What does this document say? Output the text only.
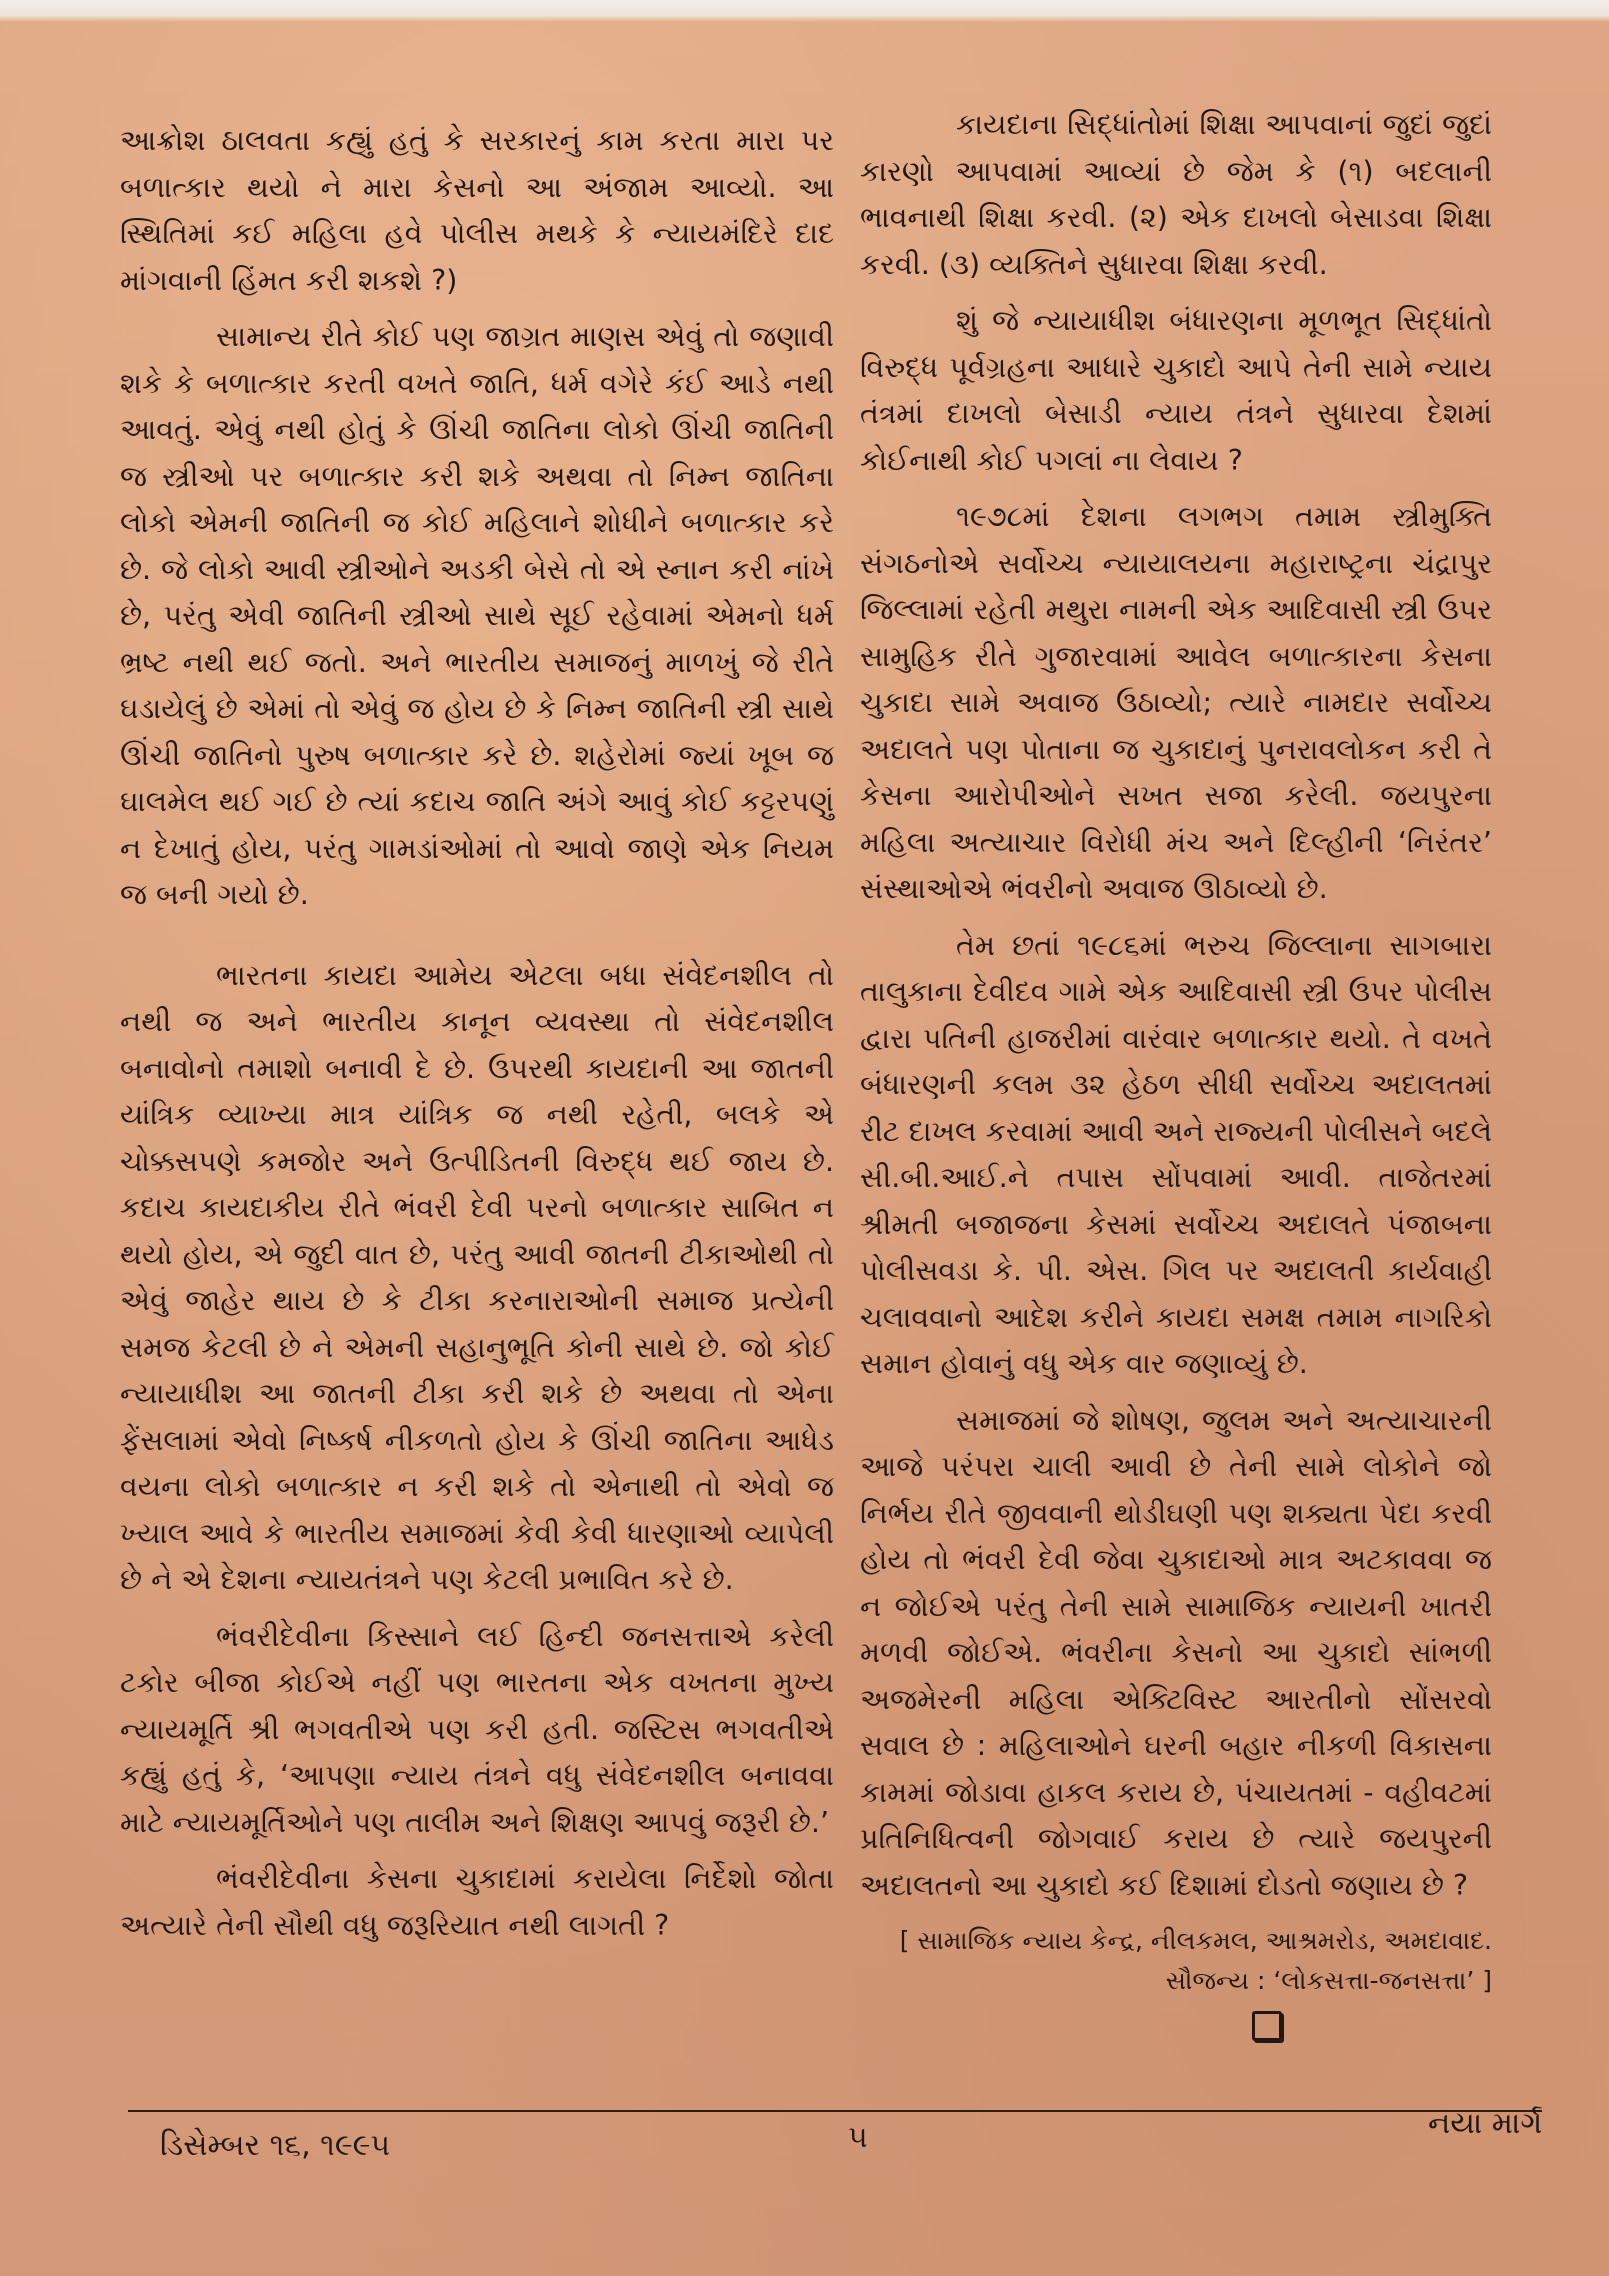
આક્રોશ ઠાલવતા કહ્યું હતું કે સરકારનું કામ કરતા મારા પર બળાત્કાર થયો ને મારા કેસનો આ અંજામ આવ્યો. આ સ્થિતિમાં કઈ મહિલા હવે પોલીસ મથકે કે ન્યાયમંદિરે દાદ માંગવાની હિંમત કરી શકશે ?)

સામાન્ય રીતે કોઈ પણ જાગ્રત માણસ એવું તો જણાવી શકે કે બળાત્કાર કરતી વખતે જાતિ, ધર્મ વગેરે કંઈ આડે નથી આવતું. એવું નથી હોતું કે ઊંચી જાતિના લોકો ઊંચી જાતિની જ સ્ત્રીઓ પર બળાત્કાર કરી શકે અથવા તો નિમ્ન જાતિના લોકો એમની જાતિની જ કોઈ મહિલાને શોધીને બળાત્કાર કરે છે. જે લોકો આવી સ્ત્રીઓને અડકી બેસે તો એ સ્નાન કરી નાંખે છે, પરંતુ એવી જાતિની સ્ત્રીઓ સાથે સૂઈ રહેવામાં એમનો ધર્મ ભ્રષ્ટ નથી થઈ જતો. અને ભારતીય સમાજનું માળખું જે રીતે ઘડાયેલું છે એમાં તો એવું જ હોય છે કે નિમ્ન જાતિની સ્ત્રી સાથે ઊંચી જાતિનો પુરુષ બળાત્કાર કરે છે. શહેરોમાં જ્યાં ખૂબ જ ઘાલમેલ થઈ ગઈ છે ત્યાં કદાચ જાતિ અંગે આવું કોઈ કટ્ટરપણું ન દેખાતું હોય, પરંતુ ગામડાંઓમાં તો આવો જાણે એક નિયમ જ બની ગયો છે.

ભારતના કાયદા આમેય એટલા બધા સંવેદનશીલ તો નથી જ અને ભારતીય કાનૂન વ્યવસ્થા તો સંવેદનશીલ બનાવોનો તમાશો બનાવી દે છે. ઉપરથી કાયદાની આ જાતની યાંત્રિક વ્યાખ્યા માત્ર યાંત્રિક જ નથી રહેતી, બલકે એ ચોક્કસપણે કમજોર અને ઉત્પીડિતની વિરુદ્ધ થઈ જાય છે. કદાચ કાયદાકીય રીતે ભંવરી દેવી પરનો બળાત્કાર સાબિત ન થયો હોય, એ જુદી વાત છે, પરંતુ આવી જાતની ટીકાઓથી તો એવું જાહેર થાય છે કે ટીકા કરનારાઓની સમાજ પ્રત્યેની સમજ કેટલી છે ને એમની સહાનુભૂતિ કોની સાથે છે. જો કોઈ ન્યાયાધીશ આ જાતની ટીકા કરી શકે છે અથવા તો એના ફેંસલામાં એવો નિષ્કર્ષ નીકળતો હોય કે ઊંચી જાતિના આધેડ વયના લોકો બળાત્કાર ન કરી શકે તો એનાથી તો એવો જ ખ્યાલ આવે કે ભારતીય સમાજમાં કેવી કેવી ધારણાઓ વ્યાપેલી છે ને એ દેશના ન્યાયતંત્રને પણ કેટલી પ્રભાવિત કરે છે.

ભંવરીદેવીના કિસ્સાને લઈ હિન્દી જનસત્તાએ કરેલી ટકોર બીજા કોઈએ નહીં પણ ભારતના એક વખતના મુખ્ય ન્યાયમૂર્તિ શ્રી ભગવતીએ પણ કરી હતી. જસ્ટિસ ભગવતીએ કહ્યું હતું કે, ‘આપણા ન્યાય તંત્રને વધુ સંવેદનશીલ બનાવવા માટે ન્યાયમૂર્તિઓને પણ તાલીમ અને શિક્ષણ આપવું જરૂરી છે.’

ભંવરીદેવીના કેસના ચુકાદામાં કરાયેલા નિર્દેશો જોતા અત્યારે તેની સૌથી વધુ જરૂરિયાત નથી લાગતી ?

કાયદાના સિદ્ધાંતોમાં શિક્ષા આપવાનાં જુદાં જુદાં કારણો આપવામાં આવ્યાં છે જેમ કે (૧) બદલાની ભાવનાથી શિક્ષા કરવી. (૨) એક દાખલો બેસાડવા શિક્ષા કરવી. (૩) વ્યક્તિને સુધારવા શિક્ષા કરવી.

શું જે ન્યાયાધીશ બંધારણના મૂળભૂત સિદ્ધાંતો વિરુદ્ધ પૂર્વગ્રહના આધારે ચુકાદો આપે તેની સામે ન્યાય તંત્રમાં દાખલો બેસાડી ન્યાય તંત્રને સુધારવા દેશમાં કોઈનાથી કોઈ પગલાં ના લેવાય ?

૧૯૭૮માં દેશના લગભગ તમામ સ્ત્રીમુક્તિ સંગઠનોએ સર્વોચ્ચ ન્યાયાલયના મહારાષ્ટ્રના ચંદ્રાપુર જિલ્લામાં રહેતી મથુરા નામની એક આદિવાસી સ્ત્રી ઉપર સામુહિક રીતે ગુજારવામાં આવેલ બળાત્કારના કેસના ચુકાદા સામે અવાજ ઉઠાવ્યો; ત્યારે નામદાર સર્વોચ્ચ અદાલતે પણ પોતાના જ ચુકાદાનું પુનરાવલોકન કરી તે કેસના આરોપીઓને સખત સજા કરેલી. જયપુરના મહિલા અત્યાચાર વિરોધી મંચ અને દિલ્હીની ‘નિરંતર’ સંસ્થાઓએ ભંવરીનો અવાજ ઊઠાવ્યો છે.

તેમ છતાં ૧૯૮૬માં ભરુચ જિલ્લાના સાગબારા તાલુકાના દેવીદવ ગામે એક આદિવાસી સ્ત્રી ઉપર પોલીસ દ્વારા પતિની હાજરીમાં વારંવાર બળાત્કાર થયો. તે વખતે બંધારણની કલમ ૩૨ હેઠળ સીધી સર્વોચ્ચ અદાલતમાં રીટ દાખલ કરવામાં આવી અને રાજ્યની પોલીસને બદલે સી.બી.આઈ.ને તપાસ સોંપવામાં આવી. તાજેતરમાં શ્રીમતી બજાજના કેસમાં સર્વોચ્ચ અદાલતે પંજાબના પોલીસવડા કે. પી. એસ. ગિલ પર અદાલતી કાર્યવાહી ચલાવવાનો આદેશ કરીને કાયદા સમક્ષ તમામ નાગરિકો સમાન હોવાનું વધુ એક વાર જણાવ્યું છે.

સમાજમાં જે શોષણ, જુલમ અને અત્યાચારની આજે પરંપરા ચાલી આવી છે તેની સામે લોકોને જો નિર્ભય રીતે જીવવાની થોડીઘણી પણ શક્યતા પેદા કરવી હોય તો ભંવરી દેવી જેવા ચુકાદાઓ માત્ર અટકાવવા જ ન જોઈએ પરંતુ તેની સામે સામાજિક ન્યાયની ખાતરી મળવી જોઈએ. ભંવરીના કેસનો આ ચુકાદો સાંભળી અજમેરની મહિલા એક્ટિવિસ્ટ આરતીનો સોંસરવો સવાલ છે : મહિલાઓને ઘરની બહાર નીકળી વિકાસના કામમાં જોડાવા હાકલ કરાય છે, પંચાયતમાં - વહીવટમાં પ્રતિનિધિત્વની જોગવાઈ કરાય છે ત્યારે જયપુરની અદાલતનો આ ચુકાદો કઈ દિશામાં દોડતો જણાય છે ?

[ સામાજિક ન્યાય કેન્દ્ર, નીલકમલ, આશ્રમરોડ, અમદાવાદ.
સૌજન્ય : ‘લોકસત્તા-જનસત્તા’ ]
ડિસેમ્બર ૧૬, ૧૯૯૫	૫	નયા માર્ગ
